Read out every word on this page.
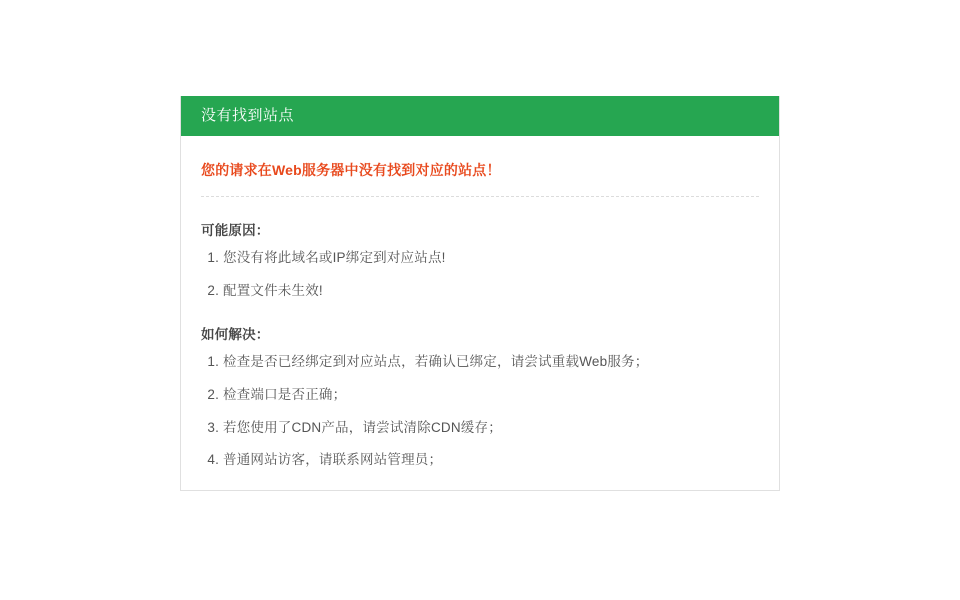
没有找到站点

您的请求在Web服务器中没有找到对应的站点！

可能原因：
1. 您没有将此域名或IP绑定到对应站点!
2. 配置文件未生效!
如何解决：
1. 检查是否已经绑定到对应站点，若确认已绑定，请尝试重载Web服务；
2. 检查端口是否正确；
3. 若您使用了CDN产品，请尝试清除CDN缓存；
4. 普通网站访客，请联系网站管理员；
